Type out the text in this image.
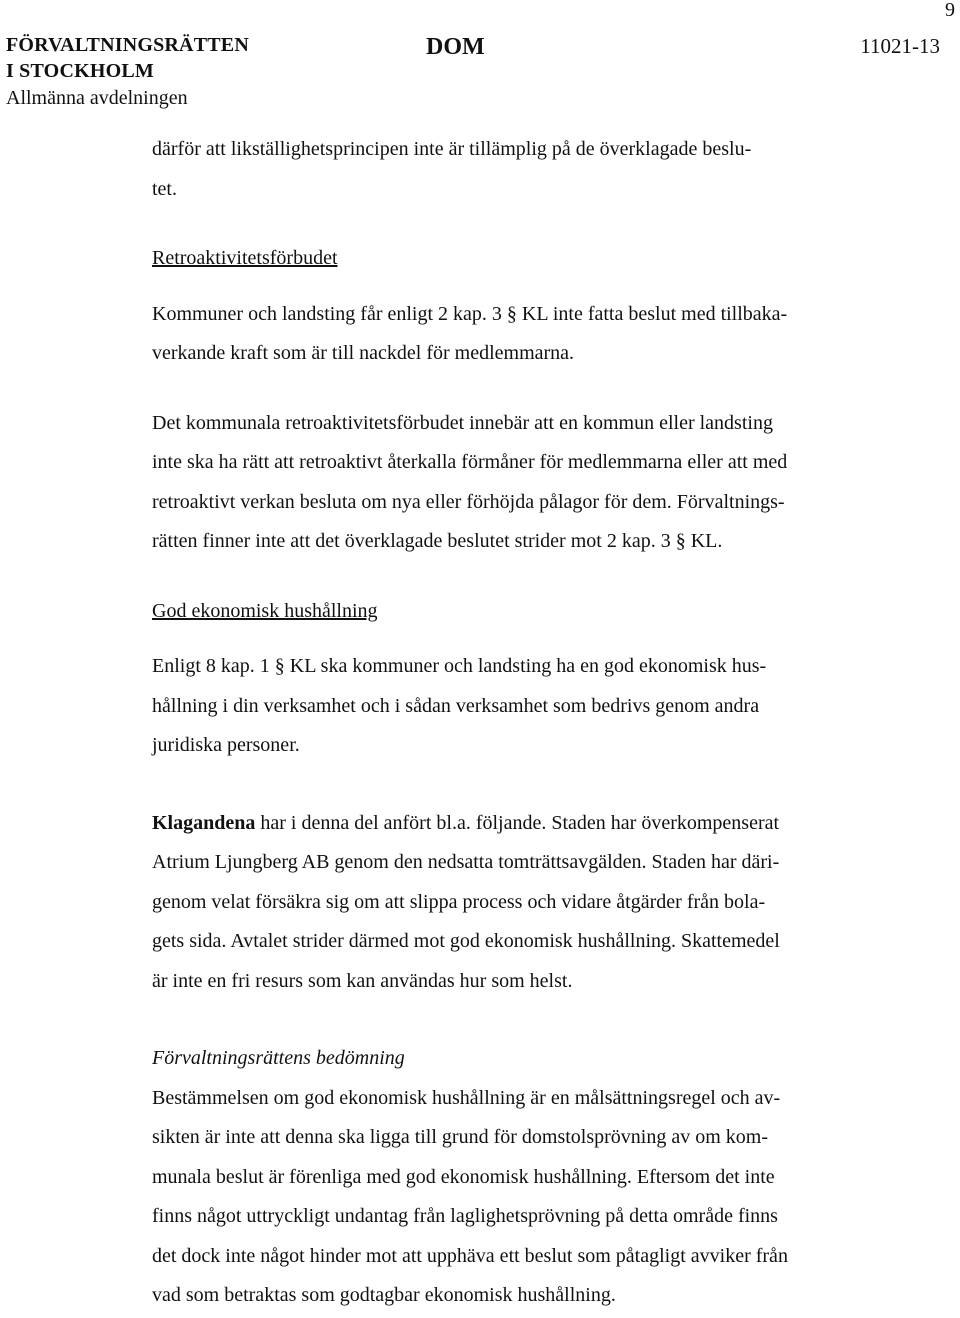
9
FÖRVALTNINGSRÄTTEN
I STOCKHOLM
Allmänna avdelningen
DOM	11021-13

därför att likställighetsprincipen inte är tillämplig på de överklagade beslu-
tet.

Retroaktivitetsförbudet

Kommuner och landsting får enligt 2 kap. 3 § KL inte fatta beslut med tillbaka-
verkande kraft som är till nackdel för medlemmarna.

Det kommunala retroaktivitetsförbudet innebär att en kommun eller landsting
inte ska ha rätt att retroaktivt återkalla förmåner för medlemmarna eller att med
retroaktivt verkan besluta om nya eller förhöjda pålagor för dem. Förvaltnings-
rätten finner inte att det överklagade beslutet strider mot 2 kap. 3 § KL.

God ekonomisk hushållning

Enligt 8 kap. 1 § KL ska kommuner och landsting ha en god ekonomisk hus-
hållning i din verksamhet och i sådan verksamhet som bedrivs genom andra
juridiska personer.

Klagandena har i denna del anfört bl.a. följande. Staden har överkompenserat
Atrium Ljungberg AB genom den nedsatta tomträttsavgälden. Staden har däri-
genom velat försäkra sig om att slippa process och vidare åtgärder från bola-
gets sida. Avtalet strider därmed mot god ekonomisk hushållning. Skattemedel
är inte en fri resurs som kan användas hur som helst.

Förvaltningsrättens bedömning

Bestämmelsen om god ekonomisk hushållning är en målsättningsregel och av-
sikten är inte att denna ska ligga till grund för domstolsprövning av om kom-
munala beslut är förenliga med god ekonomisk hushållning. Eftersom det inte
finns något uttryckligt undantag från laglighetsprövning på detta område finns
det dock inte något hinder mot att upphäva ett beslut som påtagligt avviker från
vad som betraktas som godtagbar ekonomisk hushållning.
